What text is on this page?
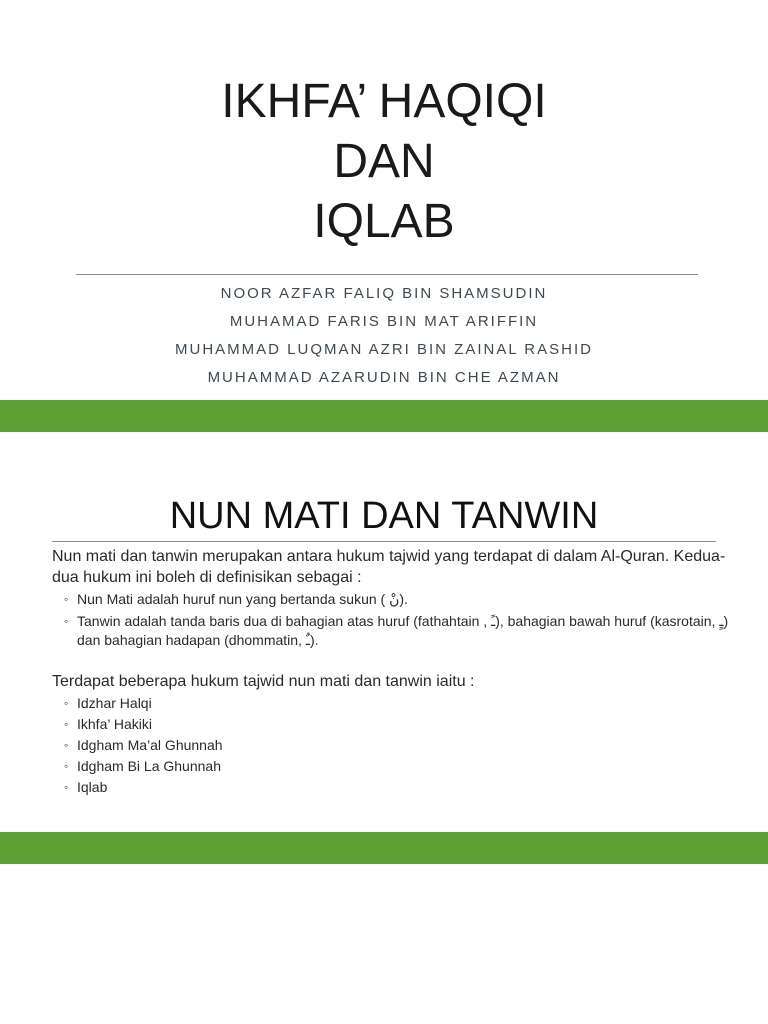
IKHFA’ HAQIQI
DAN
IQLAB
NOOR AZFAR FALIQ BIN SHAMSUDIN
MUHAMAD FARIS BIN MAT ARIFFIN
MUHAMMAD LUQMAN AZRI BIN ZAINAL RASHID
MUHAMMAD AZARUDIN BIN CHE AZMAN
NUN MATI DAN TANWIN

Nun mati dan tanwin merupakan antara hukum tajwid yang terdapat di dalam Al-Quran. Kedua-dua hukum ini boleh di definisikan sebagai :

◦ Nun Mati adalah huruf nun yang bertanda sukun ( نْ).
◦ Tanwin adalah tanda baris dua di bahagian atas huruf (fathahtain , ـً), bahagian bawah huruf (kasrotain, ـٍ) dan bahagian hadapan (dhommatin, ـٌ).

Terdapat beberapa hukum tajwid nun mati dan tanwin iaitu :

◦ Idzhar Halqi
◦ Ikhfa’ Hakiki
◦ Idgham Ma’al Ghunnah
◦ Idgham Bi La Ghunnah
◦ Iqlab
